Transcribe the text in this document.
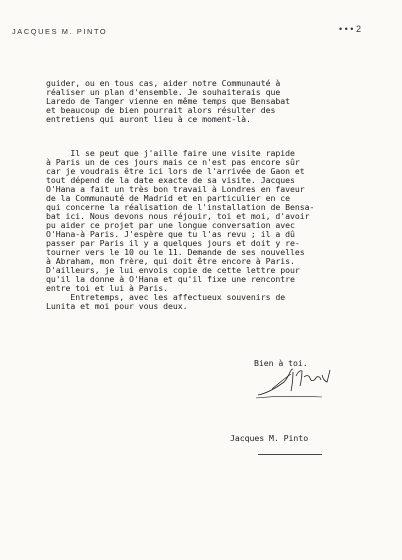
JACQUES M. PINTO	• • • 2
guider, ou en tous cas, aider notre Communauté à
réaliser un plan d'ensemble. Je souhaiterais que
Laredo de Tanger vienne en même temps que Bensabat
et beaucoup de bien pourrait alors résulter des
entretiens qui auront lieu à ce moment-là.
Il se peut que j'aille faire une visite rapide
à Paris un de ces jours mais ce n'est pas encore sûr
car je voudrais être ici lors de l'arrivée de Gaon et
tout dépend de la date exacte de sa visite. Jacques
O'Hana a fait un très bon travail à Londres en faveur
de la Communauté de Madrid et en particulier en ce
qui concerne la réalisation de l'installation de Bensa-
bat ici. Nous devons nous réjouir, toi et moi, d'avoir
pu aider ce projet par une longue conversation avec
O'Hana-à Paris. J'espère que tu l'as revu ; il a dû
passer par Paris il y a quelques jours et doit y re-
tourner vers le 10 ou le 11. Demande de ses nouvelles
à Abraham, mon frère, qui doit être encore à Paris.
D'ailleurs, je lui envois copie de cette lettre pour
qu'il la donne à O'Hana et qu'il fixe une rencontre
entre toi et lui à Paris.
Entretemps, avec les affectueux souvenirs de
Lunita et moi pour vous deux.
Bien à toi.
Jacques M. Pinto
